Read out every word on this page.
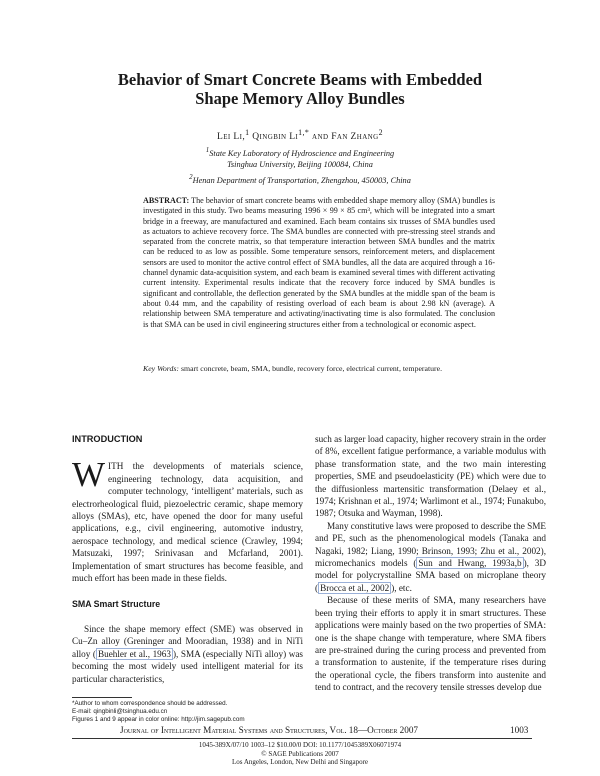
Behavior of Smart Concrete Beams with Embedded
Shape Memory Alloy Bundles
Lei Li,$^1$ Qingbin $Li^{1,*}$ and Fan Zhang$^2$
$^1$State Key Laboratory of Hydroscience and Engineering
Tsinghua University, Beijing 100084, China
$^2$Henan Department of Transportation, Zhengzhou, 450003, China
ABSTRACT: The behavior of smart concrete beams with embedded shape memory alloy (SMA) bundles is investigated in this study. Two beams measuring 1996 × 99 × 85 cm³, which will be integrated into a smart bridge in a freeway, are manufactured and examined. Each beam contains six trusses of SMA bundles used as actuators to achieve recovery force. The SMA bundles are connected with pre-stressing steel strands and separated from the concrete matrix, so that temperature interaction between SMA bundles and the matrix can be reduced to as low as possible. Some temperature sensors, reinforcement meters, and displacement sensors are used to monitor the active control effect of SMA bundles, all the data are acquired through a 16-channel dynamic data-acquisition system, and each beam is examined several times with different activating current intensity. Experimental results indicate that the recovery force induced by SMA bundles is significant and controllable, the deflection generated by the SMA bundles at the middle span of the beam is about 0.44 mm, and the capability of resisting overload of each beam is about 2.98 kN (average). A relationship between SMA temperature and activating/inactivating time is also formulated. The conclusion is that SMA can be used in civil engineering structures either from a technological or economic aspect.
Key Words: smart concrete, beam, SMA, bundle, recovery force, electrical current, temperature.
INTRODUCTION

WITH the developments of materials science, engineering technology, data acquisition, and computer technology, ‘intelligent’ materials, such as electrorheological fluid, piezoelectric ceramic, shape memory alloys (SMAs), etc, have opened the door for many useful applications, e.g., civil engineering, automotive industry, aerospace technology, and medical science (Crawley, 1994; Matsuzaki, 1997; Srinivasan and Mcfarland, 2001). Implementation of smart structures has become feasible, and much effort has been made in these fields.

SMA Smart Structure

Since the shape memory effect (SME) was observed in Cu–Zn alloy (Greninger and Mooradian, 1938) and in NiTi alloy ( Buehler et al., 1963 ), SMA (especially NiTi alloy) was becoming the most widely used intelligent material for its particular characteristics,

such as larger load capacity, higher recovery strain in the order of 8%, excellent fatigue performance, a variable modulus with phase transformation state, and the two main interesting properties, SME and pseudoelasticity (PE) which were due to the diffusionless martensitic transformation (Delaey et al., 1974; Krishnan et al., 1974; Warlimont et al., 1974; Funakubo, 1987; Otsuka and Wayman, 1998).

Many constitutive laws were proposed to describe the SME and PE, such as the phenomenological models (Tanaka and Nagaki, 1982; Liang, 1990; Brinson, 1993; Zhu et al., 2002), micromechanics models ( Sun and Hwang, 1993a,b ), 3D model for polycrystalline SMA based on microplane theory ( Brocca et al., 2002 ), etc.

Because of these merits of SMA, many researchers have been trying their efforts to apply it in smart structures. These applications were mainly based on the two properties of SMA: one is the shape change with temperature, where SMA fibers are pre-strained during the curing process and prevented from a transformation to austenite, if the temperature rises during the operational cycle, the fibers transform into austenite and tend to contract, and the recovery tensile stresses develop due

*Author to whom correspondence should be addressed.
E-mail: qingbinli@tsinghua.edu.cn
Figures 1 and 9 appear in color online: http://jim.sagepub.com
Journal of Intelligent Material Systems and Structures, Vol. 18—October 2007	1003
1045-389X/07/10 1003–12 $10.00/0 DOI: 10.1177/1045389X06071974
© SAGE Publications 2007
Los Angeles, London, New Delhi and Singapore
